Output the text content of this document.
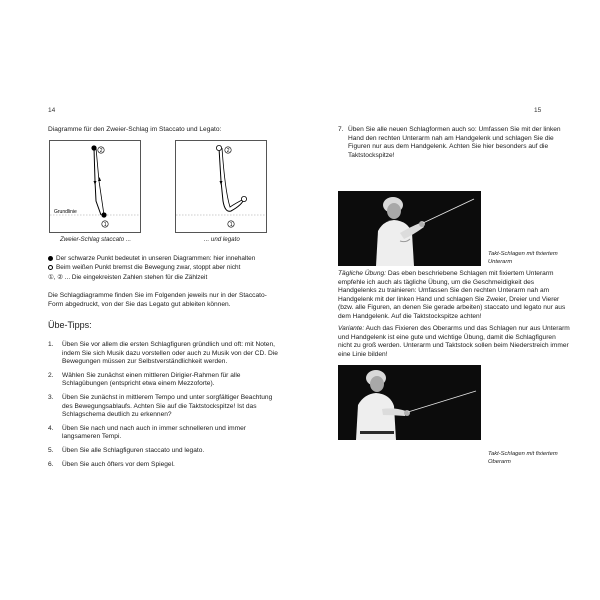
14
Diagramme für den Zweier-Schlag im Staccato und Legato:
2
1
Grundlinie
Zweier-Schlag staccato ...
2
1
... und legato
Der schwarze Punkt bedeutet in unseren Diagrammen: hier innehalten
Beim weißen Punkt bremst die Bewegung zwar, stoppt aber nicht
①, ② ... Die eingekreisten Zahlen stehen für die Zählzeit
Die Schlagdiagramme finden Sie im Folgenden jeweils nur in der Staccato-Form abgedruckt, von der Sie das Legato gut ableiten können.
Übe-Tipps:
1. Üben Sie vor allem die ersten Schlagfiguren gründlich und oft: mit Noten, indem Sie sich Musik dazu vorstellen oder auch zu Musik von der CD. Die Bewegungen müssen zur Selbstverständlichkeit werden.
2. Wählen Sie zunächst einen mittleren Dirigier-Rahmen für alle Schlagübungen (entspricht etwa einem Mezzoforte).
3. Üben Sie zunächst in mittlerem Tempo und unter sorgfältiger Beachtung des Bewegungsablaufs. Achten Sie auf die Taktstockspitze! Ist das Schlagschema deutlich zu erkennen?
4. Üben Sie nach und nach auch in immer schnelleren und immer langsameren Tempi.
5. Üben Sie alle Schlagfiguren staccato und legato.
6. Üben Sie auch öfters vor dem Spiegel.
15
7. Üben Sie alle neuen Schlagformen auch so: Umfassen Sie mit der linken Hand den rechten Unterarm nah am Handgelenk und schlagen Sie die Figuren nur aus dem Handgelenk. Achten Sie hier besonders auf die Taktstockspitze!
Takt-Schlagen mit fixiertem Unterarm
Tägliche Übung: Das eben beschriebene Schlagen mit fixiertem Unterarm empfehle ich auch als tägliche Übung, um die Geschmeidigkeit des Handgelenks zu trainieren: Umfassen Sie den rechten Unterarm nah am Handgelenk mit der linken Hand und schlagen Sie Zweier, Dreier und Vierer (bzw. alle Figuren, an denen Sie gerade arbeiten) staccato und legato nur aus dem Handgelenk. Auf die Taktstockspitze achten!
Variante: Auch das Fixieren des Oberarms und das Schlagen nur aus Unterarm und Handgelenk ist eine gute und wichtige Übung, damit die Schlagfiguren nicht zu groß werden. Unterarm und Taktstock sollen beim Niederstreich immer eine Linie bilden!
Takt-Schlagen mit fixiertem Oberarm
